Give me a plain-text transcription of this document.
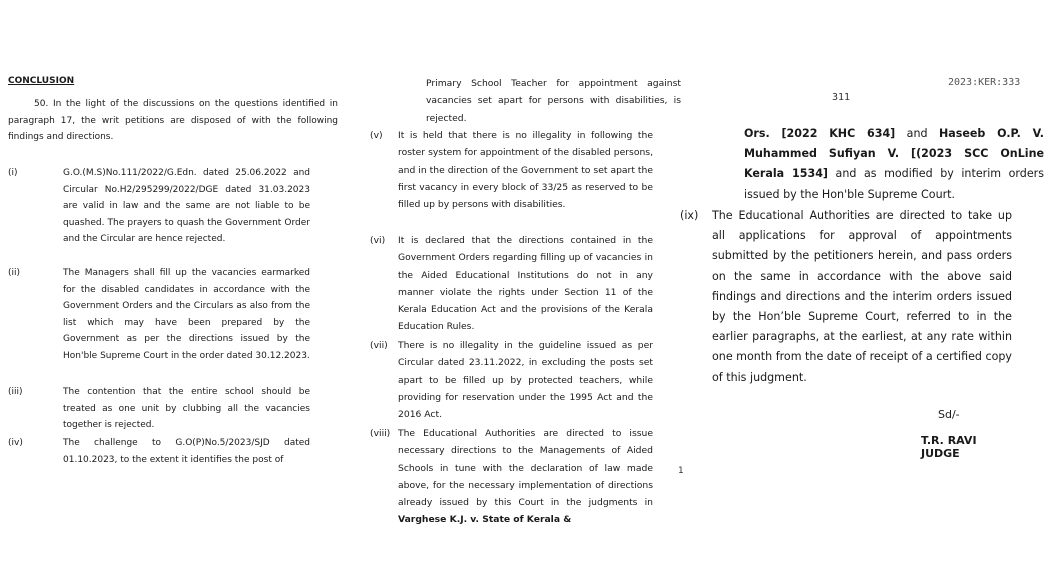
CONCLUSION

50. In the light of the discussions on the questions identified in paragraph 17, the writ petitions are disposed of with the following findings and directions.

(i)	G.O.(M.S)No.111/2022/G.Edn. dated 25.06.2022 and Circular No.H2/295299/2022/DGE dated 31.03.2023 are valid in law and the same are not liable to be quashed. The prayers to quash the Government Order and the Circular are hence rejected.

(ii)	The Managers shall fill up the vacancies earmarked for the disabled candidates in accordance with the Government Orders and the Circulars as also from the list which may have been prepared by the Government as per the directions issued by the Hon'ble Supreme Court in the order dated 30.12.2023.

(iii)	The contention that the entire school should be treated as one unit by clubbing all the vacancies together is rejected.

(iv)	The challenge to G.O(P)No.5/2023/SJD dated 01.10.2023, to the extent it identifies the post of

Primary School Teacher for appointment against vacancies set apart for persons with disabilities, is rejected.

(v) It is held that there is no illegality in following the roster system for appointment of the disabled persons, and in the direction of the Government to set apart the first vacancy in every block of 33/25 as reserved to be filled up by persons with disabilities.

(vi) It is declared that the directions contained in the Government Orders regarding filling up of vacancies in the Aided Educational Institutions do not in any manner violate the rights under Section 11 of the Kerala Education Act and the provisions of the Kerala Education Rules.

(vii) There is no illegality in the guideline issued as per Circular dated 23.11.2022, in excluding the posts set apart to be filled up by protected teachers, while providing for reservation under the 1995 Act and the 2016 Act.

(viii) The Educational Authorities are directed to issue necessary directions to the Managements of Aided Schools in tune with the declaration of law made above, for the necessary implementation of directions already issued by this Court in the judgments in Varghese K.J. v. State of Kerala &

2023:KER:333
311

Ors. [2022 KHC 634] and Haseeb O.P. V. Muhammed Sufiyan V. [(2023 SCC OnLine Kerala 1534] and as modified by interim orders issued by the Hon'ble Supreme Court.

(ix) The Educational Authorities are directed to take up all applications for approval of appointments submitted by the petitioners herein, and pass orders on the same in accordance with the above said findings and directions and the interim orders issued by the Hon’ble Supreme Court, referred to in the earlier paragraphs, at the earliest, at any rate within one month from the date of receipt of a certified copy of this judgment.

Sd/-
T.R. RAVI
JUDGE
1
